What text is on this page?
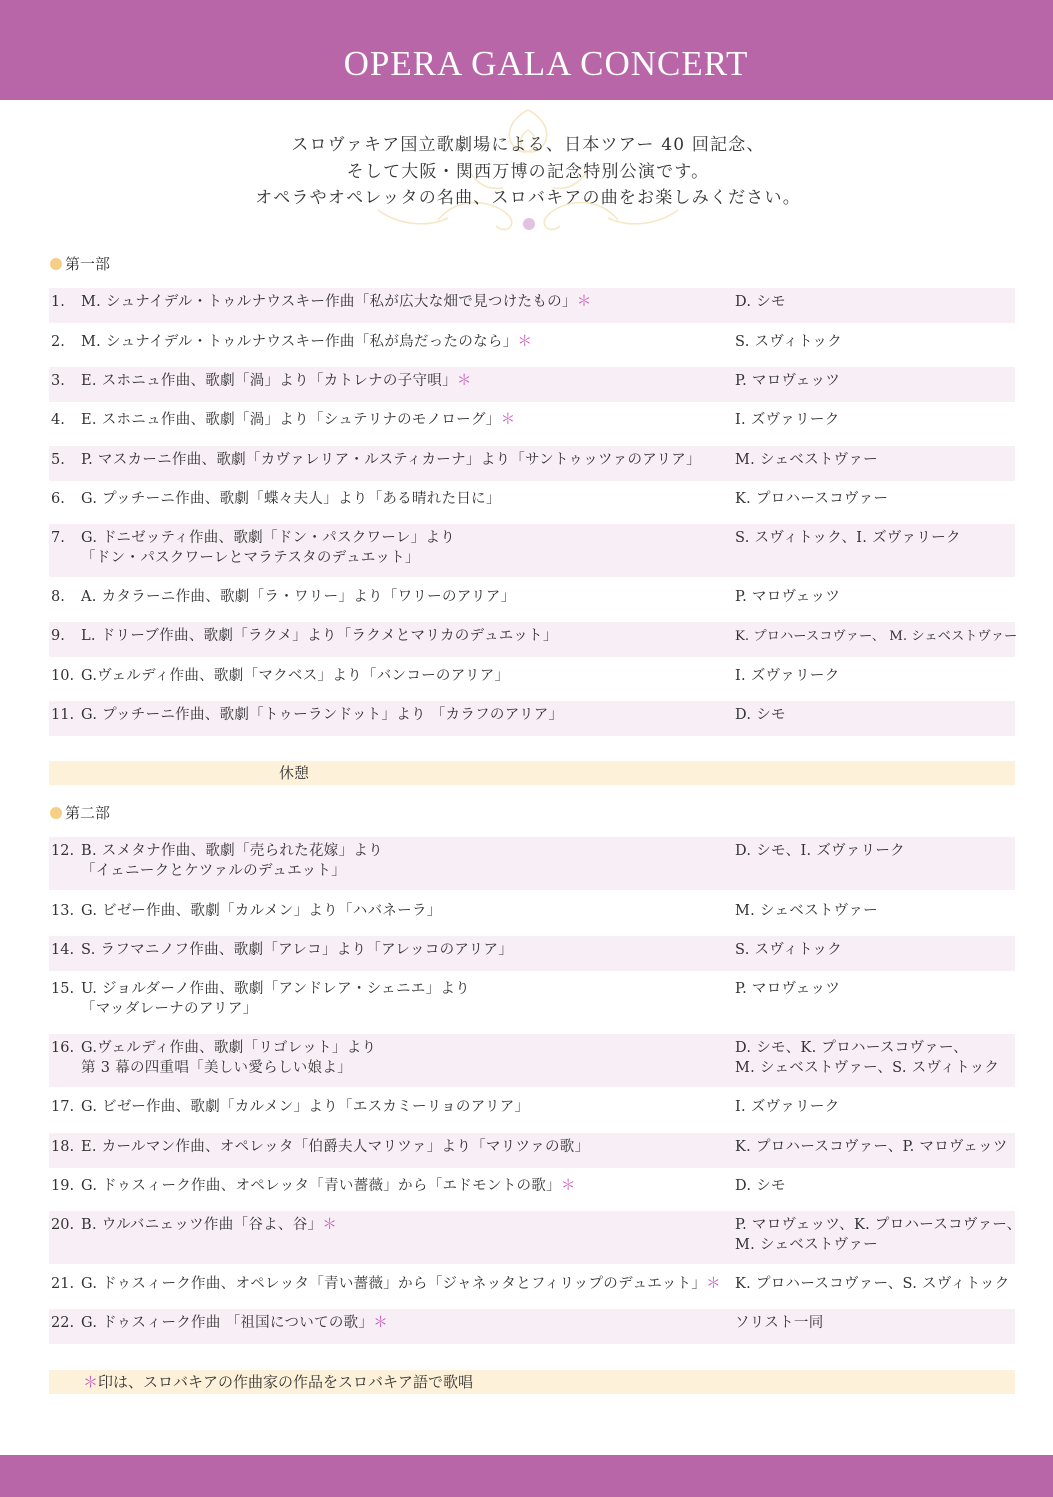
OPERA GALA CONCERT
スロヴァキア国立歌劇場による、日本ツアー 40 回記念、
そして大阪・関西万博の記念特別公演です。
オペラやオペレッタの名曲、スロバキアの曲をお楽しみください。
第一部
1. M. シュナイデル・トゥルナウスキー作曲「私が広大な畑で見つけたもの」＊	D. シモ
2. M. シュナイデル・トゥルナウスキー作曲「私が鳥だったのなら」＊	S. スヴィトック
3. E. スホニュ作曲、歌劇「渦」より「カトレナの子守唄」＊	P. マロヴェッツ
4. E. スホニュ作曲、歌劇「渦」より「シュテリナのモノローグ」＊	I. ズヴァリーク
5. P. マスカーニ作曲、歌劇「カヴァレリア・ルスティカーナ」より「サントゥッツァのアリア」	M. シェベストヴァー
6. G. プッチーニ作曲、歌劇「蝶々夫人」より「ある晴れた日に」	K. プロハースコヴァー
7. G. ドニゼッティ作曲、歌劇「ドン・パスクワーレ」より
「ドン・パスクワーレとマラテスタのデュエット」
S. スヴィトック、I. ズヴァリーク
8. A. カタラーニ作曲、歌劇「ラ・ワリー」より「ワリーのアリア」	P. マロヴェッツ
9. L. ドリーブ作曲、歌劇「ラクメ」より「ラクメとマリカのデュエット」	K. プロハースコヴァー、 M. シェベストヴァー
10. G.ヴェルディ作曲、歌劇「マクベス」より「バンコーのアリア」	I. ズヴァリーク
11. G. プッチーニ作曲、歌劇「トゥーランドット」より 「カラフのアリア」	D. シモ
休憩
第二部
12. B. スメタナ作曲、歌劇「売られた花嫁」より
「イェニークとケツァルのデュエット」
D. シモ、I. ズヴァリーク
13. G. ビゼー作曲、歌劇「カルメン」より「ハバネーラ」	M. シェベストヴァー
14. S. ラフマニノフ作曲、歌劇「アレコ」より「アレッコのアリア」	S. スヴィトック
15. U. ジョルダーノ作曲、歌劇「アンドレア・シェニエ」より
「マッダレーナのアリア」
P. マロヴェッツ
16. G.ヴェルディ作曲、歌劇「リゴレット」より
第 3 幕の四重唱「美しい愛らしい娘よ」
D. シモ、K. プロハースコヴァー、
M. シェベストヴァー、S. スヴィトック
17. G. ビゼー作曲、歌劇「カルメン」より「エスカミーリョのアリア」	I. ズヴァリーク
18. E. カールマン作曲、オペレッタ「伯爵夫人マリツァ」より「マリツァの歌」	K. プロハースコヴァー、P. マロヴェッツ
19. G. ドゥスィーク作曲、オペレッタ「青い薔薇」から「エドモントの歌」＊	D. シモ
20. B. ウルバニェッツ作曲「谷よ、谷」＊	P. マロヴェッツ、K. プロハースコヴァー、
M. シェベストヴァー
21. G. ドゥスィーク作曲、オペレッタ「青い薔薇」から「ジャネッタとフィリップのデュエット」＊ K. プロハースコヴァー、S. スヴィトック
22. G. ドゥスィーク作曲 「祖国についての歌」＊	ソリスト一同
＊印は、スロバキアの作曲家の作品をスロバキア語で歌唱
